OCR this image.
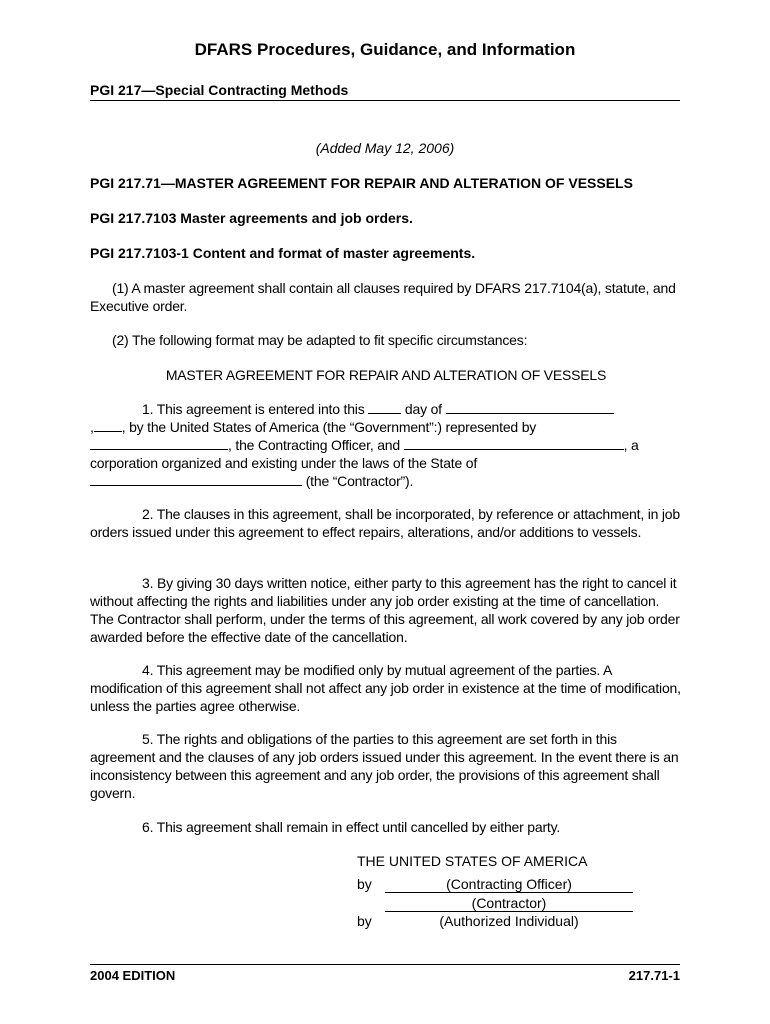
DFARS Procedures, Guidance, and Information
PGI 217—Special Contracting Methods
(Added May 12, 2006)
PGI 217.71—MASTER AGREEMENT FOR REPAIR AND ALTERATION OF VESSELS
PGI 217.7103 Master agreements and job orders.
PGI 217.7103-1 Content and format of master agreements.
(1) A master agreement shall contain all clauses required by DFARS 217.7104(a), statute, and Executive order.
(2) The following format may be adapted to fit specific circumstances:
MASTER AGREEMENT FOR REPAIR AND ALTERATION OF VESSELS
1. This agreement is entered into this	day of
, , by the United States of America (the “Government”:) represented by
, the Contracting Officer, and	, a
corporation organized and existing under the laws of the State of
(the “Contractor”).
2. The clauses in this agreement, shall be incorporated, by reference or attachment, in job orders issued under this agreement to effect repairs, alterations, and/or additions to vessels.
3. By giving 30 days written notice, either party to this agreement has the right to cancel it without affecting the rights and liabilities under any job order existing at the time of cancellation. The Contractor shall perform, under the terms of this agreement, all work covered by any job order awarded before the effective date of the cancellation.
4. This agreement may be modified only by mutual agreement of the parties. A modification of this agreement shall not affect any job order in existence at the time of modification, unless the parties agree otherwise.
5. The rights and obligations of the parties to this agreement are set forth in this agreement and the clauses of any job orders issued under this agreement. In the event there is an inconsistency between this agreement and any job order, the provisions of this agreement shall govern.
6. This agreement shall remain in effect until cancelled by either party.
THE UNITED STATES OF AMERICA
by	(Contracting Officer)
(Contractor)
by	(Authorized Individual)
2004 EDITION	217.71-1
